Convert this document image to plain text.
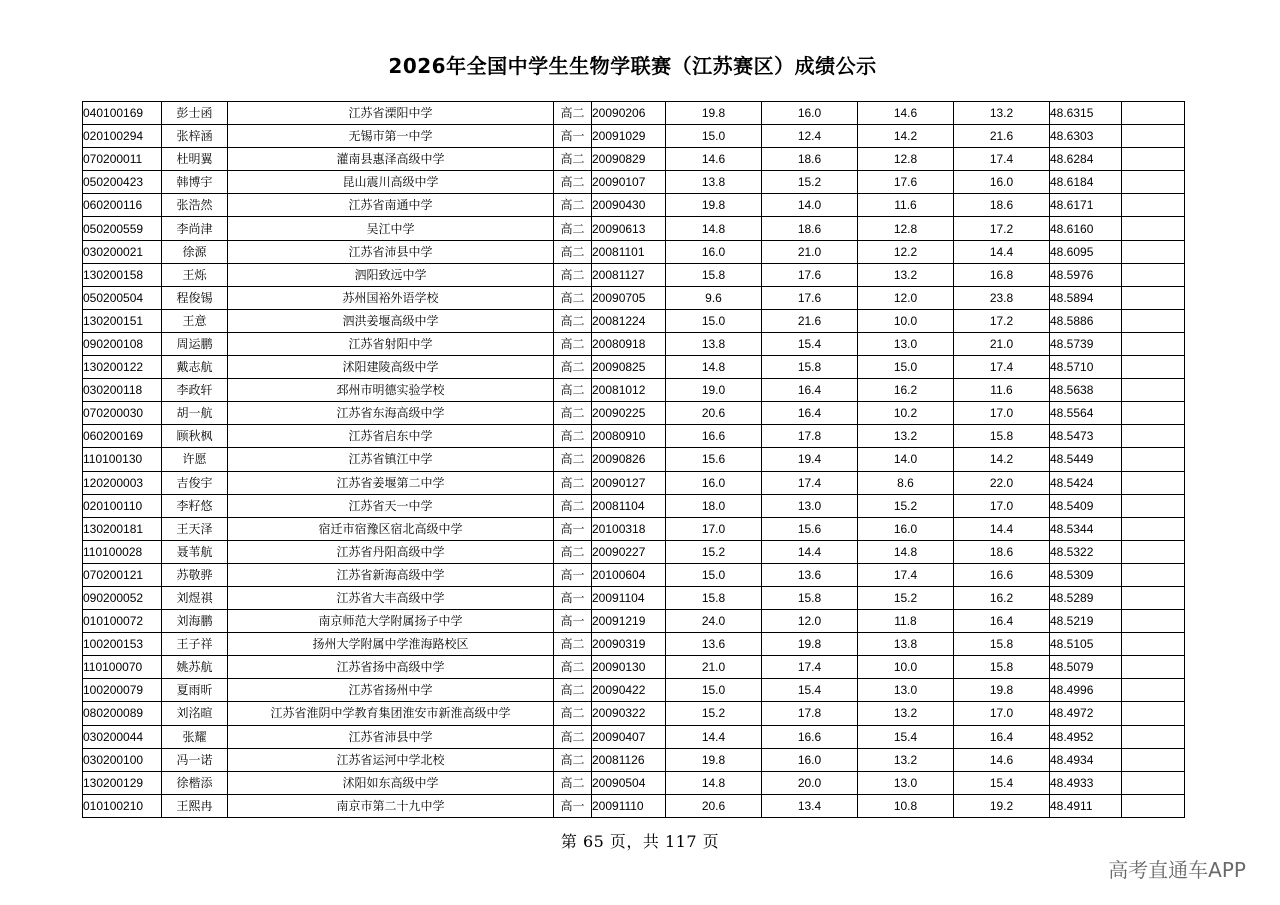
2026年全国中学生生物学联赛（江苏赛区）成绩公示
040100169	彭士函	江苏省溧阳中学	高二	20090206	19.8	16.0	14.6	13.2	48.6315	
020100294	张梓涵	无锡市第一中学	高一	20091029	15.0	12.4	14.2	21.6	48.6303	
070200011	杜明翼	灌南县惠泽高级中学	高二	20090829	14.6	18.6	12.8	17.4	48.6284	
050200423	韩博宇	昆山震川高级中学	高二	20090107	13.8	15.2	17.6	16.0	48.6184	
060200116	张浩然	江苏省南通中学	高二	20090430	19.8	14.0	11.6	18.6	48.6171	
050200559	李尚津	吴江中学	高二	20090613	14.8	18.6	12.8	17.2	48.6160	
030200021	徐源	江苏省沛县中学	高二	20081101	16.0	21.0	12.2	14.4	48.6095	
130200158	王烁	泗阳致远中学	高二	20081127	15.8	17.6	13.2	16.8	48.5976	
050200504	程俊锡	苏州国裕外语学校	高二	20090705	9.6	17.6	12.0	23.8	48.5894	
130200151	王意	泗洪姜堰高级中学	高二	20081224	15.0	21.6	10.0	17.2	48.5886	
090200108	周运鹏	江苏省射阳中学	高二	20080918	13.8	15.4	13.0	21.0	48.5739	
130200122	戴志航	沭阳建陵高级中学	高二	20090825	14.8	15.8	15.0	17.4	48.5710	
030200118	李政轩	邳州市明德实验学校	高二	20081012	19.0	16.4	16.2	11.6	48.5638	
070200030	胡一航	江苏省东海高级中学	高二	20090225	20.6	16.4	10.2	17.0	48.5564	
060200169	顾秋枫	江苏省启东中学	高二	20080910	16.6	17.8	13.2	15.8	48.5473	
110100130	许愿	江苏省镇江中学	高二	20090826	15.6	19.4	14.0	14.2	48.5449	
120200003	吉俊宇	江苏省姜堰第二中学	高二	20090127	16.0	17.4	8.6	22.0	48.5424	
020100110	李籽悠	江苏省天一中学	高二	20081104	18.0	13.0	15.2	17.0	48.5409	
130200181	王天泽	宿迁市宿豫区宿北高级中学	高一	20100318	17.0	15.6	16.0	14.4	48.5344	
110100028	聂苇航	江苏省丹阳高级中学	高二	20090227	15.2	14.4	14.8	18.6	48.5322	
070200121	苏敬骅	江苏省新海高级中学	高一	20100604	15.0	13.6	17.4	16.6	48.5309	
090200052	刘煜祺	江苏省大丰高级中学	高一	20091104	15.8	15.8	15.2	16.2	48.5289	
010100072	刘海鹏	南京师范大学附属扬子中学	高一	20091219	24.0	12.0	11.8	16.4	48.5219	
100200153	王子祥	扬州大学附属中学淮海路校区	高二	20090319	13.6	19.8	13.8	15.8	48.5105	
110100070	姚苏航	江苏省扬中高级中学	高二	20090130	21.0	17.4	10.0	15.8	48.5079	
100200079	夏雨昕	江苏省扬州中学	高二	20090422	15.0	15.4	13.0	19.8	48.4996	
080200089	刘洺暄	江苏省淮阴中学教育集团淮安市新淮高级中学	高二	20090322	15.2	17.8	13.2	17.0	48.4972	
030200044	张耀	江苏省沛县中学	高二	20090407	14.4	16.6	15.4	16.4	48.4952	
030200100	冯一诺	江苏省运河中学北校	高二	20081126	19.8	16.0	13.2	14.6	48.4934	
130200129	徐楷添	沭阳如东高级中学	高二	20090504	14.8	20.0	13.0	15.4	48.4933	
010100210	王熙冉	南京市第二十九中学	高一	20091110	20.6	13.4	10.8	19.2	48.4911	
第 65 页，共 117 页
高考直通车APP
